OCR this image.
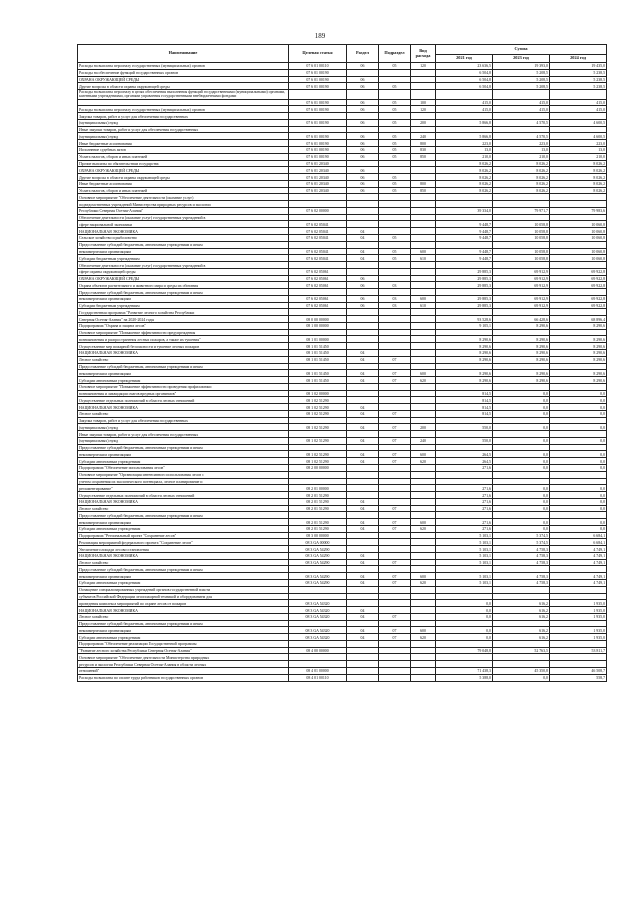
189
Наименование	Целевая статья	Раздел	Подраздел	Вид расхода	Сумма		
					2021 год	2023 год	2024 год
Расходы на выплаты персоналу государственных (муниципальных) органов	07 6 01 00110	06	05	120	23 636,5	19 393,0	19 435,0
Расходы на обеспечение функций государственных органов	07 6 01 00190				6 504,8	5 208,5	5 238,5
ОХРАНА ОКРУЖАЮЩЕЙ СРЕДЫ	07 6 01 00190	06			6 504,8	5 208,5	5 238,5
Другие вопросы в области охраны окружающей среды	07 6 01 00190	06	05		6 504,8	5 208,5	5 238,5
Расходы на выплаты персоналу в целях обеспечения выполнения функций государственными (муниципальными) органами, казенными учреждениями, органами управления государственными внебюджетными фондами							
	07 6 01 00190	06	05	100	415,0	415,0	415,0
Расходы на выплаты персоналу государственных (муниципальных) органов	07 6 01 00190	06	05	120	415,0	415,0	415,0
Закупка товаров, работ и услуг для обеспечения государственных							
(муниципальных) нужд	07 6 01 00190	06	05	200	5 866,8	4 570,5	4 600,5
Иные закупки товаров, работ и услуг для обеспечения государственных							
(муниципальных) нужд	07 6 01 00190	06	05	240	5 866,8	4 570,5	4 600,5
Иные бюджетные ассигнования	07 6 01 00190	06	05	800	223,0	223,0	223,0
Исполнение судебных актов	07 6 01 00190	06	05	830	13,0	13,0	13,0
Уплата налогов, сборов и иных платежей	07 6 01 00190	06	05	850	210,0	210,0	210,0
Прочие выплаты по обязательствам государства	07 6 01 20340				8 026,2	8 026,2	8 026,2
ОХРАНА ОКРУЖАЮЩЕЙ СРЕДЫ	07 6 01 20340	06			8 026,2	8 026,2	8 026,2
Другие вопросы в области охраны окружающей среды	07 6 01 20340	06	05		8 026,2	8 026,2	8 026,2
Иные бюджетные ассигнования	07 6 01 20340	06	05	800	8 026,2	8 026,2	8 026,2
Уплата налогов, сборов и иных платежей	07 6 01 20340	06	05	850	8 026,2	8 026,2	8 026,2
Основное мероприятие "Обеспечение деятельности (оказание услуг)							
подведомственных учреждений Министерства природных ресурсов и экологии							
Республики Северная Осетия-Алания"	07 6 02 00000				39 334,0	79 971,7	79 983,6
Обеспечение деятельности (оказание услуг) государственных учреждений в							
сфере национальной экономики	07 6 02 05041				9 448,7	10 058,8	10 060,8
НАЦИОНАЛЬНАЯ ЭКОНОМИКА	07 6 02 05041	04			9 448,7	10 058,8	10 060,8
Сельское хозяйство и рыболовство	07 6 02 05041	04	05		9 448,7	10 058,8	10 060,8
Предоставление субсидий бюджетным, автономным учреждениям и иным							
некоммерческим организациям	07 6 02 05041	04	05	600	9 448,7	10 058,8	10 060,8
Субсидии бюджетным учреждениям	07 6 02 05041	04	05	610	9 448,7	10 058,8	10 060,8
Обеспечение деятельности (оказание услуг) государственных учреждений в							
сфере охраны окружающей среды	07 6 02 05061				29 885,3	69 912,9	69 922,8
ОХРАНА ОКРУЖАЮЩЕЙ СРЕДЫ	07 6 02 05061	06			29 885,3	69 912,9	69 922,8
Охрана объектов растительного и животного мира и среды их обитания	07 6 02 05061	06	03		29 885,3	69 912,9	69 922,8
Предоставление субсидий бюджетным, автономным учреждениям и иным							
некоммерческим организациям	07 6 02 05061	06	03	600	29 885,3	69 912,9	69 922,8
Субсидии бюджетным учреждениям	07 6 02 05061	06	03	610	29 885,3	69 912,9	69 922,8
Государственная программа "Развитие лесного хозяйства Республики							
Северная Осетия-Алания" на 2020-2024 годы	08 0 00 00000				93 528,6	66 428,6	68 896,4
Подпрограмма "Охрана и защита лесов"	08 1 00 00000				9 105,1	8 290,6	8 290,6
Основное мероприятие "Повышение эффективности предупреждения							
возникновения и распространения лесных пожаров, а также их тушения"	08 1 01 00000				8 290,6	8 290,6	8 290,6
Осуществление мер пожарной безопасности и тушение лесных пожаров	08 1 01 51450				8 290,6	8 290,6	8 290,6
НАЦИОНАЛЬНАЯ ЭКОНОМИКА	08 1 01 51450	04			8 290,6	8 290,6	8 290,6
Лесное хозяйство	08 1 01 51450	04	07		8 290,6	8 290,6	8 290,6
Предоставление субсидий бюджетным, автономным учреждениям и иным							
некоммерческим организациям	08 1 01 51450	04	07	600	8 290,6	8 290,6	8 290,6
Субсидии автономным учреждениям	08 1 01 51450	04	07	620	8 290,6	8 290,6	8 290,6
Основное мероприятие "Повышение эффективности проведения профилактики							
возникновения и ликвидации очагов вредных организмов"	08 1 02 00000				814,5	0,0	0,0
Осуществление отдельных полномочий в области лесных отношений	08 1 02 51290				814,5	0,0	0,0
НАЦИОНАЛЬНАЯ ЭКОНОМИКА	08 1 02 51290	04			814,5	0,0	0,0
Лесное хозяйство	08 1 02 51290	04	07		814,5	0,0	0,0
Закупка товаров, работ и услуг для обеспечения государственных							
(муниципальных) нужд	08 1 02 51290	04	07	200	550,0	0,0	0,0
Иные закупки товаров, работ и услуг для обеспечения государственных							
(муниципальных) нужд	08 1 02 51290	04	07	240	550,0	0,0	0,0
Предоставление субсидий бюджетным, автономным учреждениям и иным							
некоммерческим организациям	08 1 02 51290	04	07	600	264,5	0,0	0,0
Субсидии автономным учреждениям	08 1 02 51290	04	07	620	264,5	0,0	0,0
Подпрограмма "Обеспечение использования лесов"	08 2 00 00000				271,6	0,0	0,0
Основное мероприятие "Организация интенсивного использования лесов с							
учетом сохранения их экологического потенциала, лесное планирование и							
регламентирование"	08 2 01 00000				271,6	0,0	0,0
Осуществление отдельных полномочий в области лесных отношений	08 2 01 51290				271,6	0,0	0,0
НАЦИОНАЛЬНАЯ ЭКОНОМИКА	08 2 01 51290	04			271,6	0,0	0,0
Лесное хозяйство	08 2 01 51290	04	07		271,6	0,0	0,0
Предоставление субсидий бюджетным, автономным учреждениям и иным							
некоммерческим организациям	08 2 01 51290	04	07	600	271,6	0,0	0,0
Субсидии автономным учреждениям	08 2 01 51290	04	07	620	271,6	0,0	0,0
Подпрограмма "Региональный проект "Сохранение лесов"	08 3 00 00000				5 103,1	5 374,5	6 684,1
Реализация мероприятий федерального проекта "Сохранение лесов"	08 3 GA 00000				5 103,1	5 374,5	6 684,1
Увеличение площади лесовосстановления	08 3 GA 54290				5 103,1	4 758,3	4 749,1
НАЦИОНАЛЬНАЯ ЭКОНОМИКА	08 3 GA 54290	04			5 103,1	4 758,3	4 749,1
Лесное хозяйство	08 3 GA 54290	04	07		5 103,1	4 758,3	4 749,1
Предоставление субсидий бюджетным, автономным учреждениям и иным							
некоммерческим организациям	08 3 GA 54290	04	07	600	5 103,1	4 758,3	4 749,1
Субсидии автономным учреждениям	08 3 GA 54290	04	07	620	5 103,1	4 758,3	4 749,1
Оснащение специализированных учреждений органов государственной власти							
субъектов Российской Федерации лесопожарной техникой и оборудованием для							
проведения комплекса мероприятий по охране лесов от пожаров	08 3 GA 54320				0,0	616,2	1 935,0
НАЦИОНАЛЬНАЯ ЭКОНОМИКА	08 3 GA 54320	04			0,0	616,2	1 935,0
Лесное хозяйство	08 3 GA 54320	04	07		0,0	616,2	1 935,0
Предоставление субсидий бюджетным, автономным учреждениям и иным							
некоммерческим организациям	08 3 GA 54320	04	07	600	0,0	616,2	1 935,0
Субсидии автономным учреждениям	08 3 GA 54320	04	07	620	0,0	616,2	1 935,0
Подпрограмма "Обеспечение реализации Государственной программы							
"Развитие лесного хозяйства Республики Северная Осетия-Алания"	08 4 00 00000				79 048,8	52 763,5	53 811,7
Основное мероприятие "Обеспечение деятельности Министерства природных							
ресурсов и экологии Республики Северная Осетия-Алания в области лесных							
отношений"	08 4 01 00000				71 438,3	45 350,8	46 508,7
Расходы на выплаты по оплате труда работников государственных органов	08 4 01 00110				5 388,0	0,0	558,7
